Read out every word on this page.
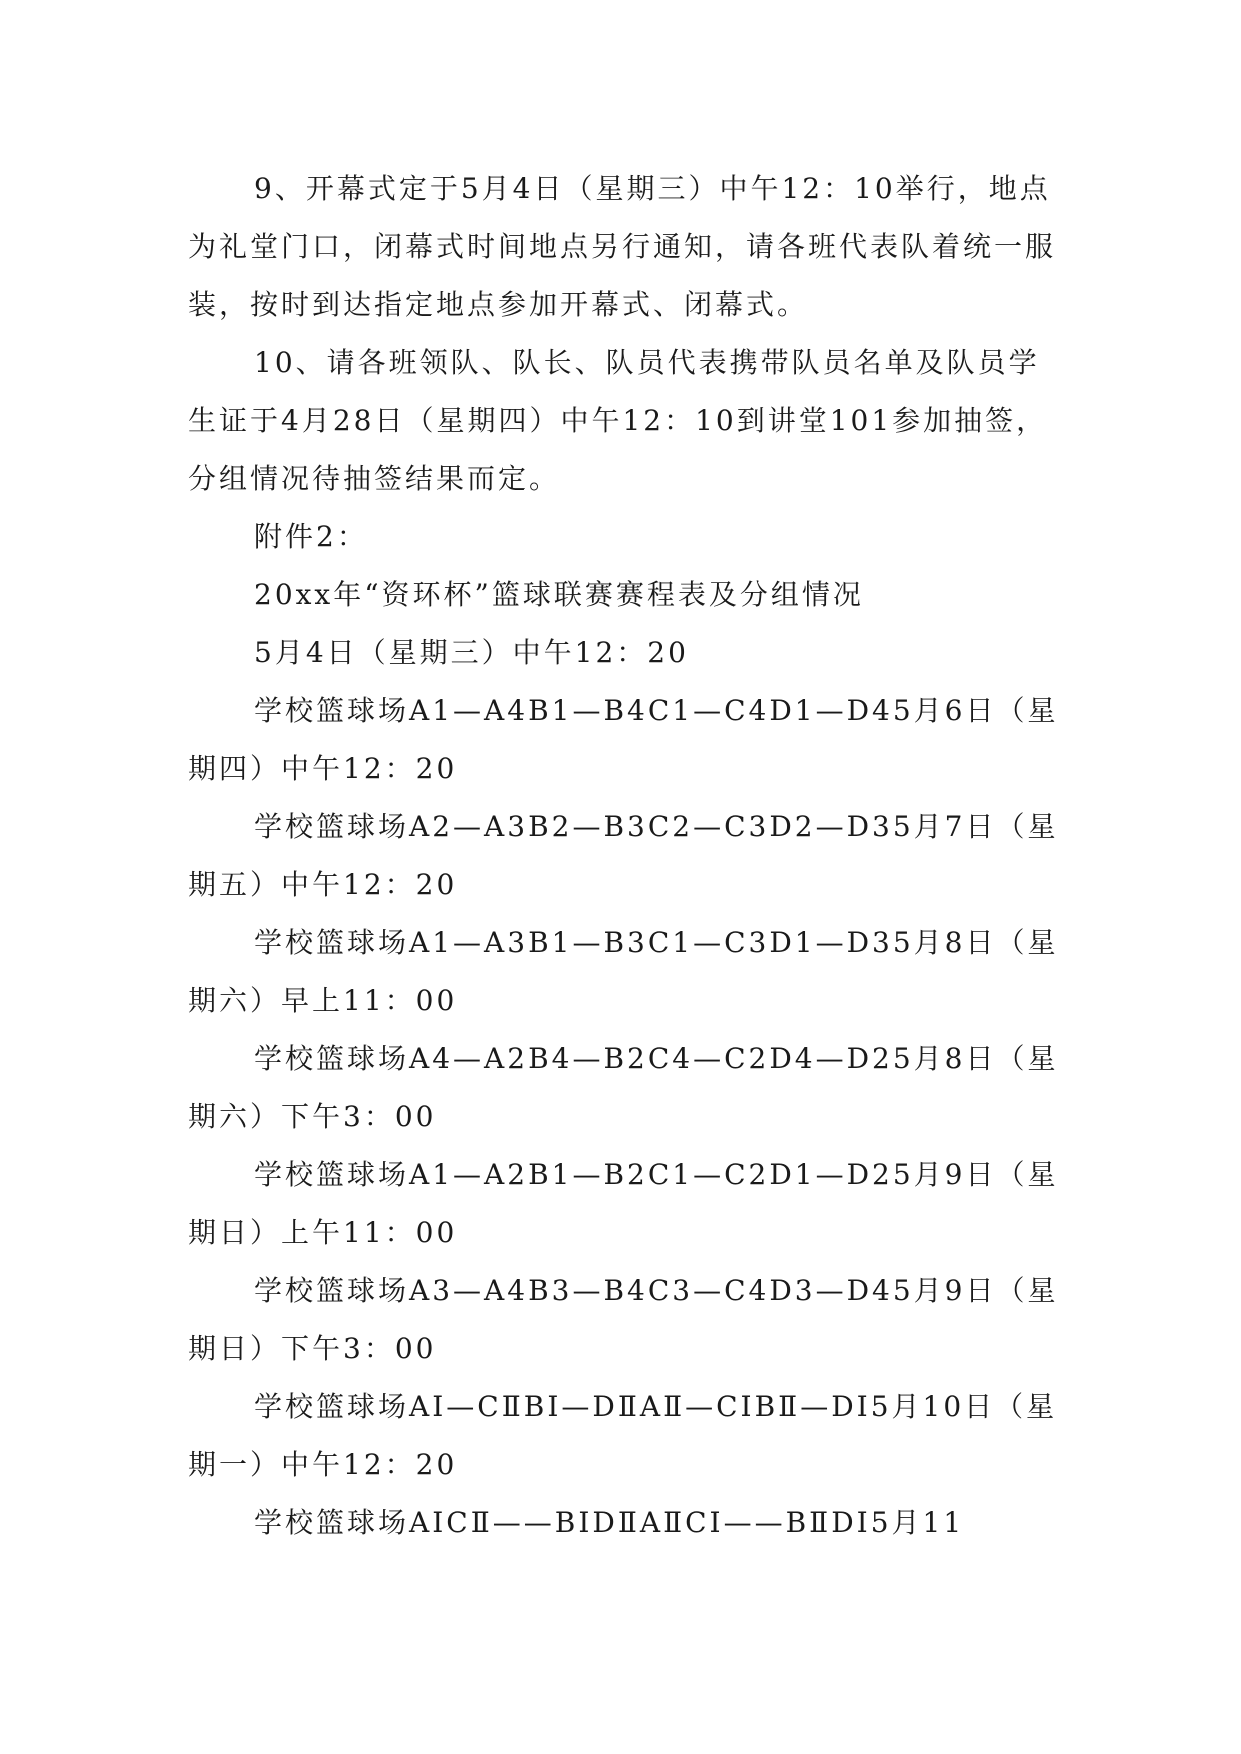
9、开幕式定于5月4日（星期三）中午12：10举行，地点为礼堂门口，闭幕式时间地点另行通知，请各班代表队着统一服装，按时到达指定地点参加开幕式、闭幕式。

10、请各班领队、队长、队员代表携带队员名单及队员学生证于4月28日（星期四）中午12：10到讲堂101参加抽签，分组情况待抽签结果而定。

附件2：

20xx年“资环杯”篮球联赛赛程表及分组情况

5月4日（星期三）中午12：20

学校篮球场A1—A4B1—B4C1—C4D1—D45月6日（星期四）中午12：20

学校篮球场A2—A3B2—B3C2—C3D2—D35月7日（星期五）中午12：20

学校篮球场A1—A3B1—B3C1—C3D1—D35月8日（星期六）早上11：00

学校篮球场A4—A2B4—B2C4—C2D4—D25月8日（星期六）下午3：00

学校篮球场A1—A2B1—B2C1—C2D1—D25月9日（星期日）上午11：00

学校篮球场A3—A4B3—B4C3—C4D3—D45月9日（星期日）下午3：00

学校篮球场AⅠ—CⅡBⅠ—DⅡAⅡ—CⅠBⅡ—DⅠ5月10日（星期一）中午12：20

学校篮球场AⅠCⅡ——BⅠDⅡAⅡCⅠ——BⅡDⅠ5月11
